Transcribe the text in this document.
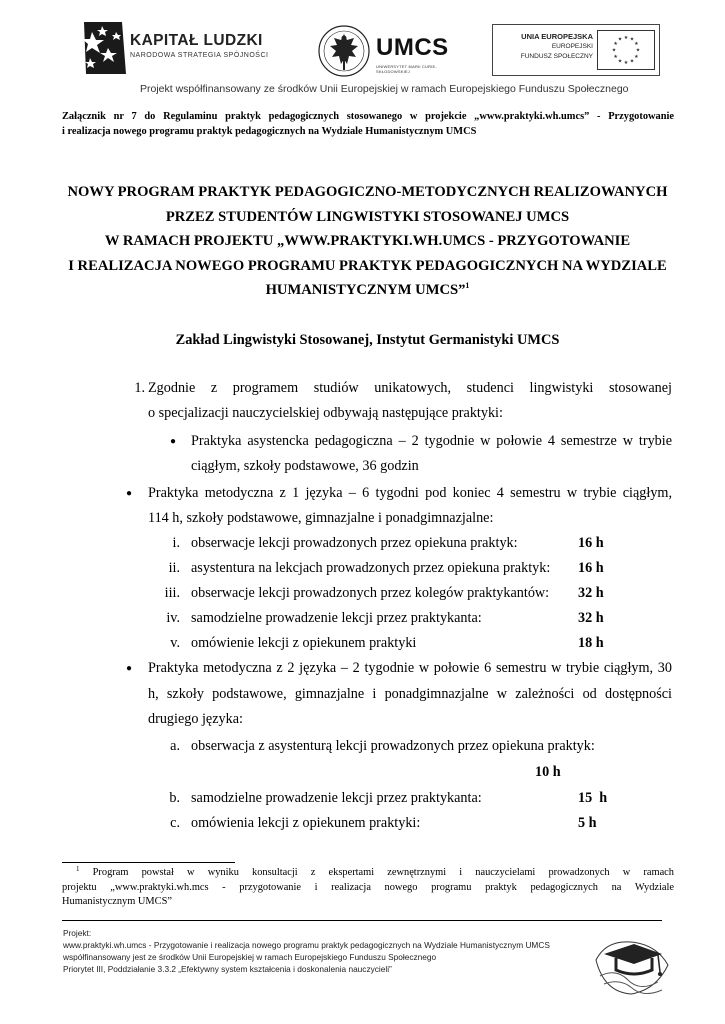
KAPITAŁ LUDZKI
NARODOWA STRATEGIA SPÓJNOŚCI	UMCS
UNIWERSYTET MARII CURIE-SKŁODOWSKIEJ
UNIA EUROPEJSKA
EUROPEJSKI
FUNDUSZ SPOŁECZNY
★ ★
★
★
★
★
★
★
★
★
★
★
Projekt współfinansowany ze środków Unii Europejskiej w ramach Europejskiego Funduszu Społecznego

Załącznik nr 7 do Regulaminu praktyk pedagogicznych stosowanego w projekcie „www.praktyki.wh.umcs” - Przygotowanie

i realizacja nowego programu praktyk pedagogicznych na Wydziale Humanistycznym UMCS

NOWY PROGRAM PRAKTYK PEDAGOGICZNO-METODYCZNYCH REALIZOWANYCH
PRZEZ STUDENTÓW LINGWISTYKI STOSOWANEJ UMCS
W RAMACH PROJEKTU „WWW.PRAKTYKI.WH.UMCS - PRZYGOTOWANIE
I REALIZACJA NOWEGO PROGRAMU PRAKTYK PEDAGOGICZNYCH NA WYDZIALE
HUMANISTYCZNYM UMCS”$^1$
Zakład Lingwistyki Stosowanej, Instytut Germanistyki UMCS
1. Zgodnie z programem studiów unikatowych, studenci lingwistyki stosowanej
o specjalizacji nauczycielskiej odbywają następujące praktyki:
● Praktyka asystencka pedagogiczna – 2 tygodnie w połowie 4 semestrze w trybie
ciągłym, szkoły podstawowe, 36 godzin
● Praktyka metodyczna z 1 języka – 6 tygodni pod koniec 4 semestru w trybie ciągłym,
114 h, szkoły podstawowe, gimnazjalne i ponadgimnazjalne:
i. obserwacje lekcji prowadzonych przez opiekuna praktyk:	16 h
ii. asystentura na lekcjach prowadzonych przez opiekuna praktyk: 16 h
iii. obserwacje lekcji prowadzonych przez kolegów praktykantów: 32 h
iv. samodzielne prowadzenie lekcji przez praktykanta:	32 h
v. omówienie lekcji z opiekunem praktyki	18 h
● Praktyka metodyczna z 2 języka – 2 tygodnie w połowie 6 semestru w trybie ciągłym, 30
h, szkoły podstawowe, gimnazjalne i ponadgimnazjalne w zależności od dostępności
drugiego języka:
a. obserwacja z asystenturą lekcji prowadzonych przez opiekuna praktyk:
10 h
b. samodzielne prowadzenie lekcji przez praktykanta:	15  h
c. omówienia lekcji z opiekunem praktyki:	5 h
$^1$ Program powstał w wyniku konsultacji z ekspertami zewnętrznymi i nauczycielami prowadzonych w ramach
projektu „www.praktyki.wh.mcs - przygotowanie i realizacja nowego programu praktyk pedagogicznych na Wydziale
Humanistycznym UMCS”
Projekt:
www.praktyki.wh.umcs - Przygotowanie i realizacja nowego programu praktyk pedagogicznych na Wydziale Humanistycznym UMCS
współfinansowany jest ze środków Unii Europejskiej w ramach Europejskiego Funduszu Społecznego
Priorytet III, Poddziałanie 3.3.2 „Efektywny system kształcenia i doskonalenia nauczycieli”
